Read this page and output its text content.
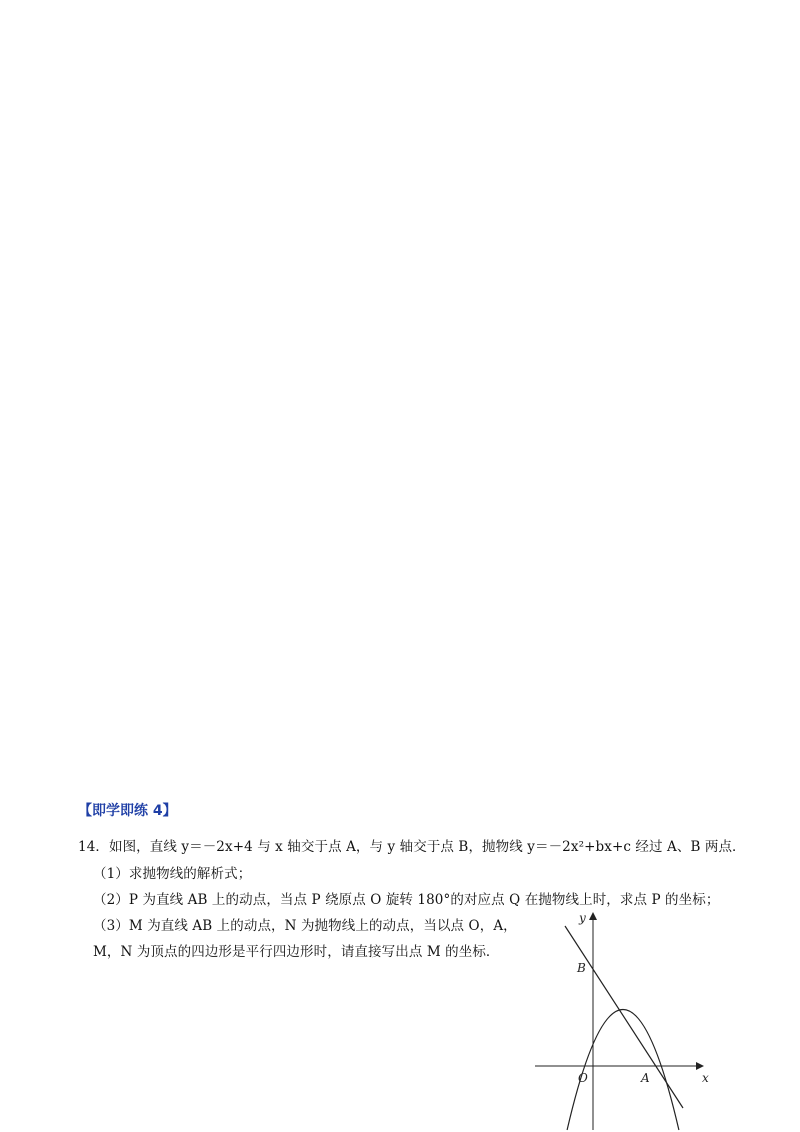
【即学即练 4】
14．如图，直线 y＝－2x+4 与 x 轴交于点 A，与 y 轴交于点 B，抛物线 y＝－2x²+bx+c 经过 A、B 两点．
（1）求抛物线的解析式；
（2）P 为直线 AB 上的动点，当点 P 绕原点 O 旋转 180°的对应点 Q 在抛物线上时，求点 P 的坐标；
（3）M 为直线 AB 上的动点，N 为抛物线上的动点，当以点 O，A，
M，N 为顶点的四边形是平行四边形时，请直接写出点 M 的坐标．
y
x
O	A
B
